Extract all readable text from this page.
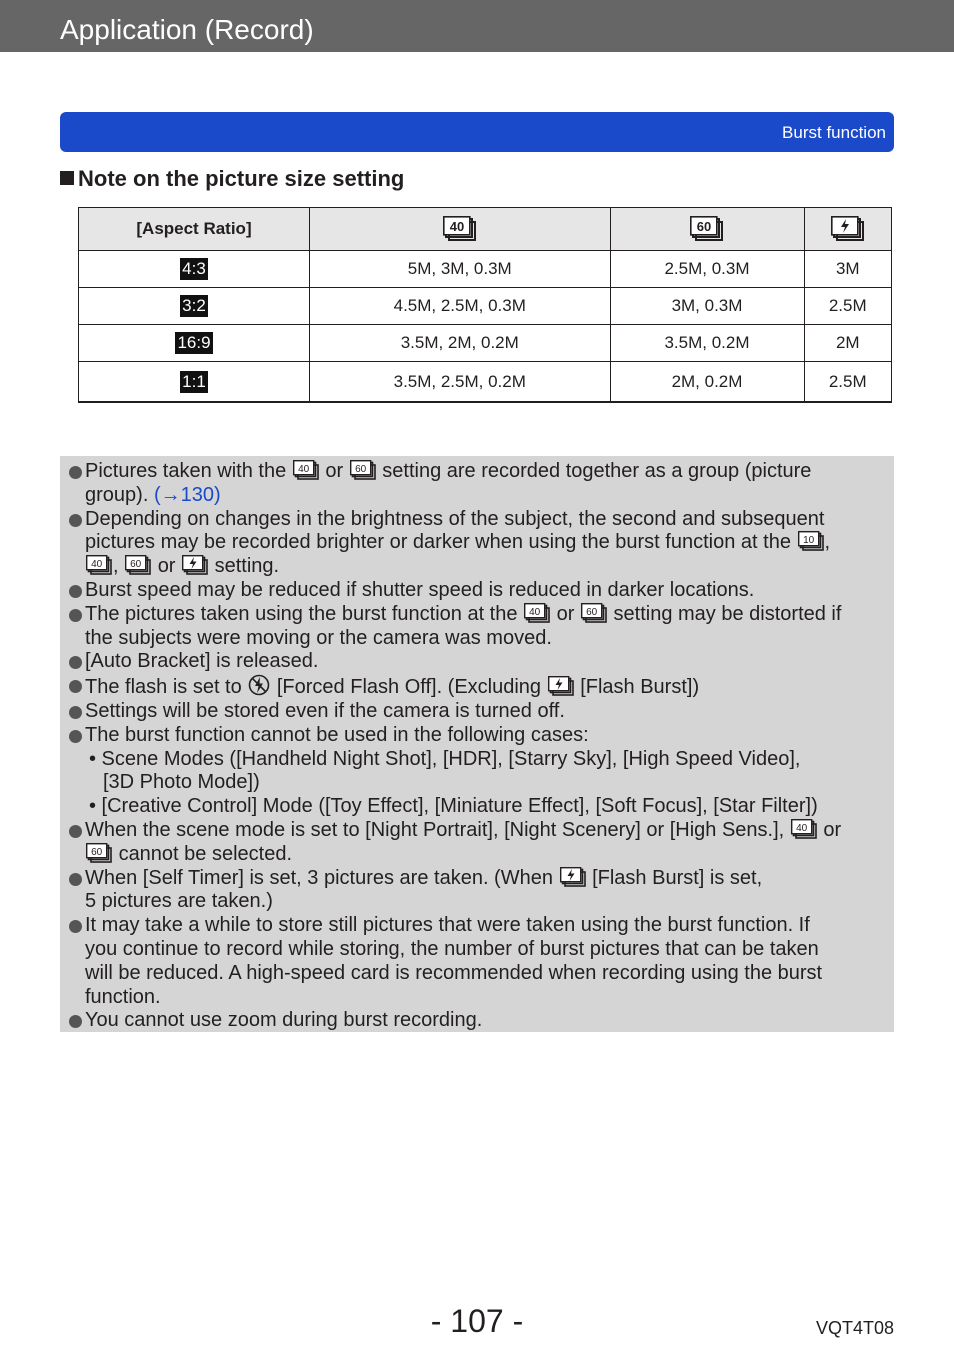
Application (Record)
Burst function
Note on the picture size setting
[Aspect Ratio]	40	60

4:3	5M, 3M, 0.3M	2.5M, 0.3M	3M
3:2	4.5M, 2.5M, 0.3M	3M, 0.3M	2.5M
16:9	3.5M, 2M, 0.2M	3.5M, 0.2M	2M
1:1	3.5M, 2.5M, 0.2M	2M, 0.2M	2.5M
Pictures taken with the 40 or 60 setting are recorded together as a group (picture
group). (→130)
Depending on changes in the brightness of the subject, the second and subsequent
pictures may be recorded brighter or darker when using the burst function at the 10 ,

40 , 60 or setting.
Burst speed may be reduced if shutter speed is reduced in darker locations.
The pictures taken using the burst function at the 40 or 60 setting may be distorted if
the subjects were moving or the camera was moved.
[Auto Bracket] is released.
The flash is set to [Forced Flash Off]. (Excluding [Flash Burst])
Settings will be stored even if the camera is turned off.
The burst function cannot be used in the following cases:
• Scene Modes ([Handheld Night Shot], [HDR], [Starry Sky], [High Speed Video],
[3D Photo Mode])
• [Creative Control] Mode ([Toy Effect], [Miniature Effect], [Soft Focus], [Star Filter])
When the scene mode is set to [Night Portrait], [Night Scenery] or [High Sens.], 40 or

60 cannot be selected.
When [Self Timer] is set, 3 pictures are taken. (When [Flash Burst] is set,
5 pictures are taken.)
It may take a while to store still pictures that were taken using the burst function. If
you continue to record while storing, the number of burst pictures that can be taken
will be reduced. A high-speed card is recommended when recording using the burst
function.
You cannot use zoom during burst recording.
- 107 -	VQT4T08
